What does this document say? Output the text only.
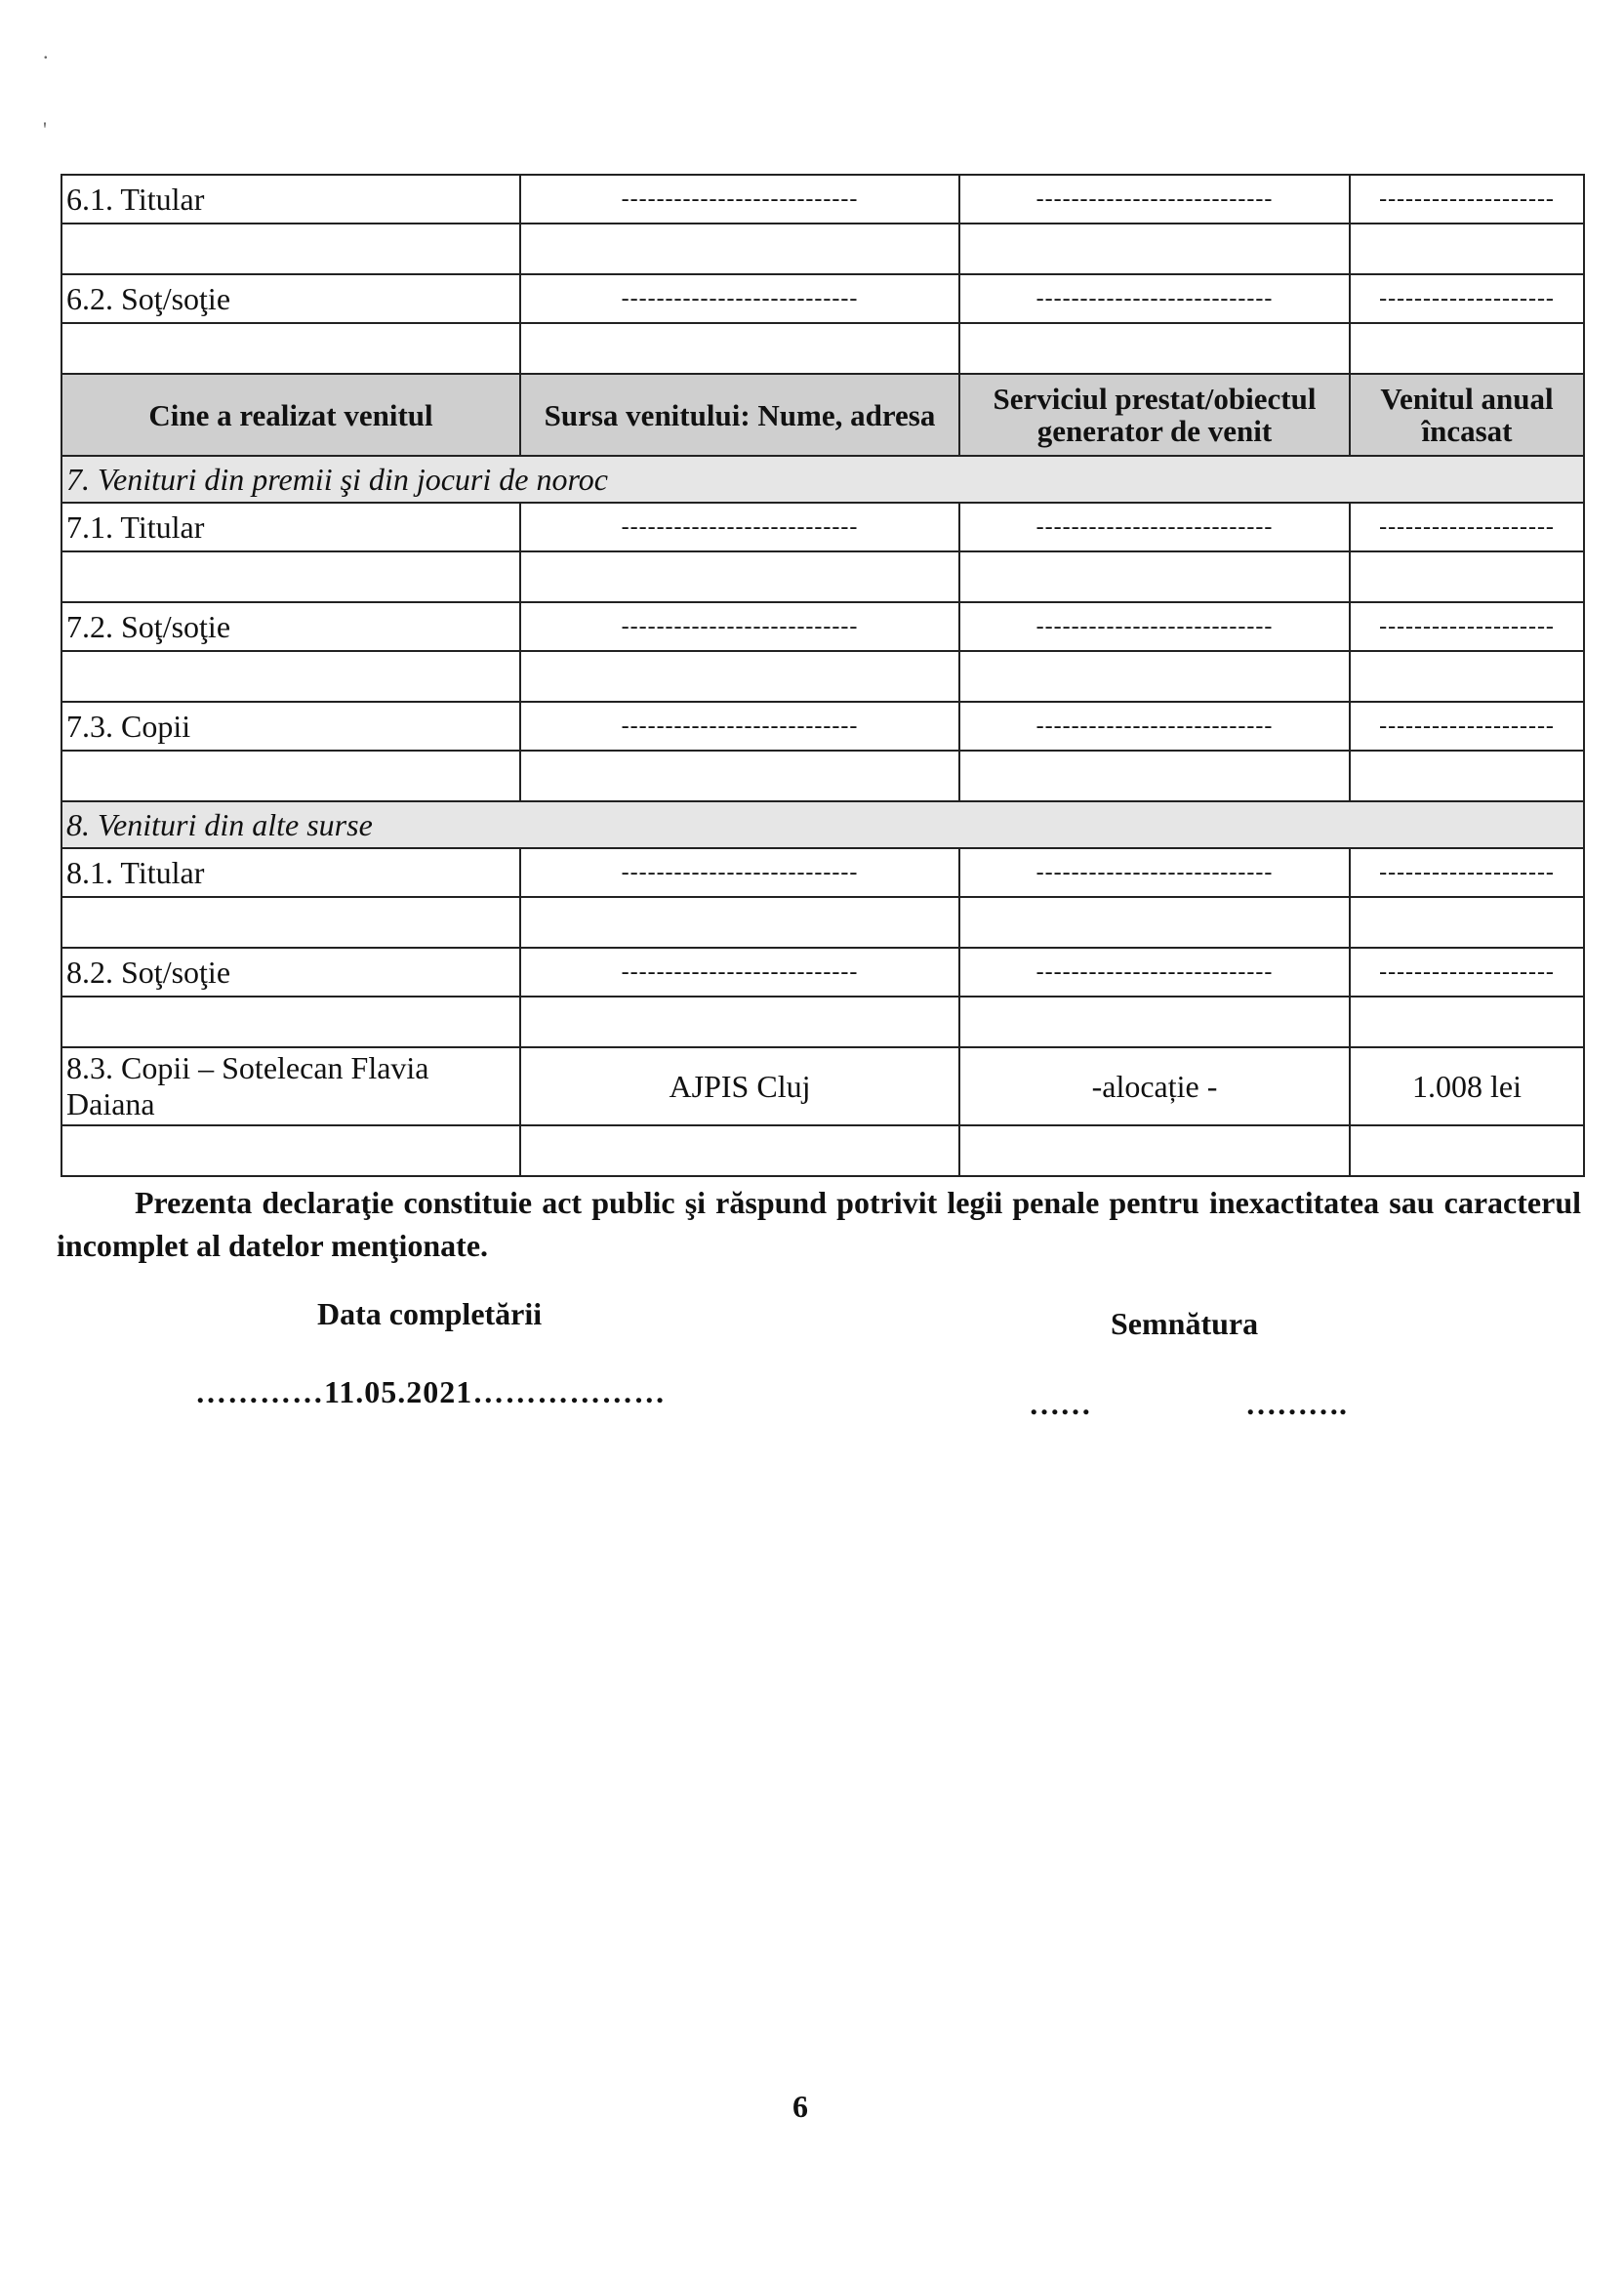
.
'
6.1. Titular	---------------------------	---------------------------	--------------------

6.2. Soţ/soţie	---------------------------	---------------------------	--------------------

Cine a realizat venitul	Sursa venitului: Nume, adresa	Serviciul prestat/obiectul generator de venit	Venitul anual încasat
7. Venituri din premii şi din jocuri de noroc			
7.1. Titular	---------------------------	---------------------------	--------------------

7.2. Soţ/soţie	---------------------------	---------------------------	--------------------

7.3. Copii	---------------------------	---------------------------	--------------------

8. Venituri din alte surse			
8.1. Titular	---------------------------	---------------------------	--------------------

8.2. Soţ/soţie	---------------------------	---------------------------	--------------------

8.3. Copii – Sotelecan Flavia Daiana	AJPIS Cluj	-alocație -	1.008 lei

Prezenta declaraţie constituie act public şi răspund potrivit legii penale pentru inexactitatea sau caracterul incomplet al datelor menţionate.
Data completării	Semnătura
…………11.05.2021………………	……	……….
6
